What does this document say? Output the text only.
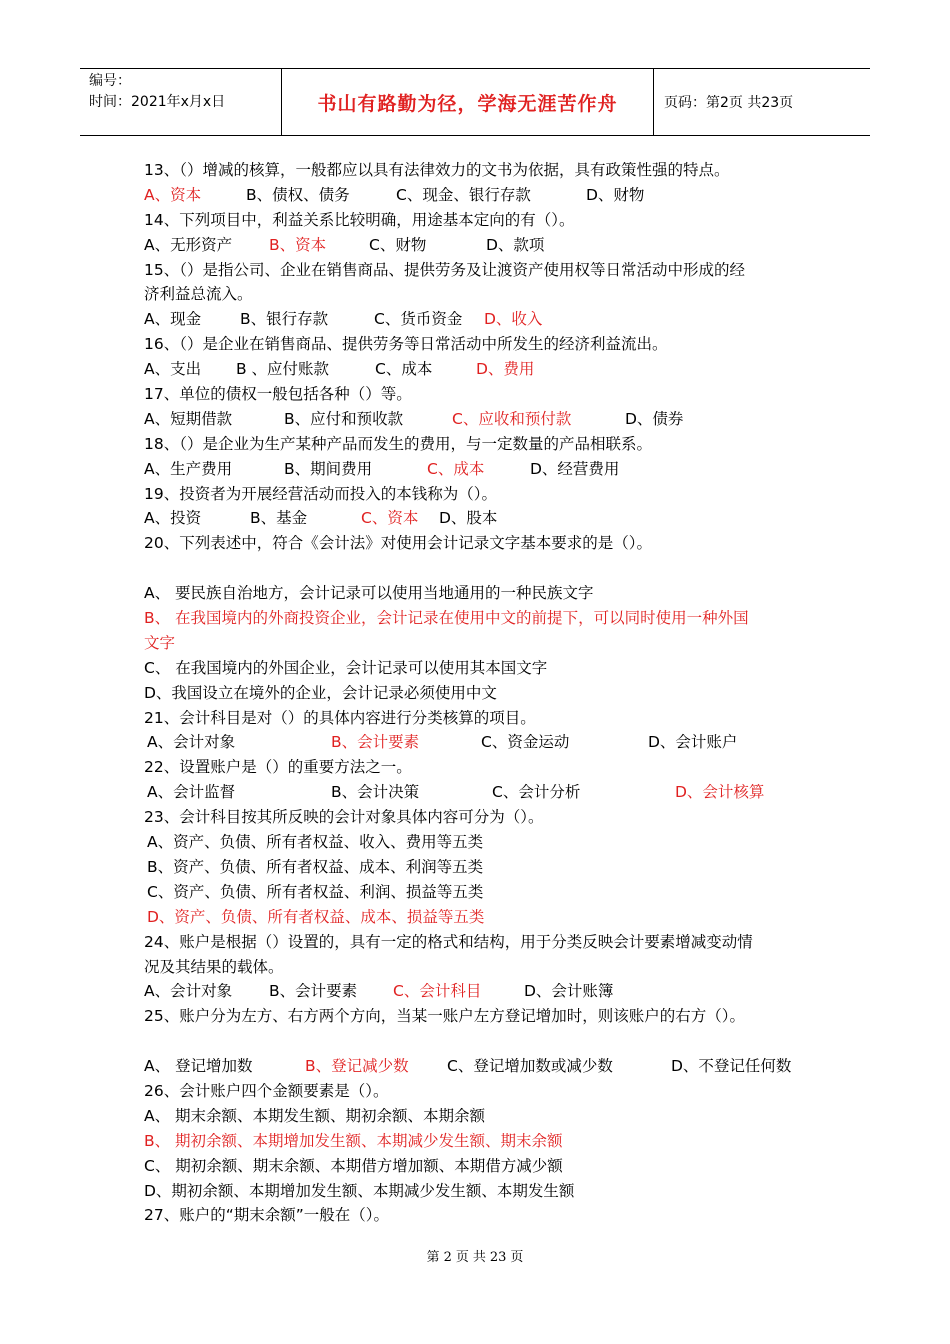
编号：
时间：2021年x月x日	书山有路勤为径，学海无涯苦作舟	页码：第2页 共23页
13、（）增减的核算，一般都应以具有法律效力的文书为依据，具有政策性强的特点。
A、资本	B、债权、债务	C、现金、银行存款	D、财物
14、下列项目中，利益关系比较明确，用途基本定向的有（）。
A、无形资产 B、资本	C、财物	D、款项
15、（）是指公司、企业在销售商品、提供劳务及让渡资产使用权等日常活动中形成的经
济利益总流入。
A、现金	B、银行存款	C、货币资金 D、收入
16、（）是企业在销售商品、提供劳务等日常活动中所发生的经济利益流出。
A、支出 B 、应付账款	C、成本	D、费用
17、单位的债权一般包括各种（）等。
A、短期借款	B、应付和预收款	C、应收和预付款	D、债券
18、（）是企业为生产某种产品而发生的费用，与一定数量的产品相联系。
A、生产费用	B、期间费用	C、成本	D、经营费用
19、投资者为开展经营活动而投入的本钱称为（）。
A、投资	B、基金	C、资本 D、股本
20、下列表述中，符合《会计法》对使用会计记录文字基本要求的是（）。
A、 要民族自治地方，会计记录可以使用当地通用的一种民族文字
B、 在我国境内的外商投资企业，会计记录在使用中文的前提下，可以同时使用一种外国
文字
C、 在我国境内的外国企业，会计记录可以使用其本国文字
D、我国设立在境外的企业，会计记录必须使用中文
21、会计科目是对（）的具体内容进行分类核算的项目。
A、会计对象	B、会计要素	C、资金运动	D、会计账户
22、设置账户是（）的重要方法之一。
A、会计监督	B、会计决策	C、会计分析	D、会计核算
23、会计科目按其所反映的会计对象具体内容可分为（）。
A、资产、负债、所有者权益、收入、费用等五类
B、资产、负债、所有者权益、成本、利润等五类
C、资产、负债、所有者权益、利润、损益等五类
D、资产、负债、所有者权益、成本、损益等五类
24、账户是根据（）设置的，具有一定的格式和结构，用于分类反映会计要素增减变动情
况及其结果的载体。
A、会计对象 B、会计要素 C、会计科目	D、会计账簿
25、账户分为左方、右方两个方向，当某一账户左方登记增加时，则该账户的右方（）。
A、 登记增加数	B、登记减少数 C、登记增加数或减少数	D、不登记任何数
26、会计账户四个金额要素是（）。
A、 期末余额、本期发生额、期初余额、本期余额
B、 期初余额、本期增加发生额、本期减少发生额、期末余额
C、 期初余额、期末余额、本期借方增加额、本期借方减少额
D、期初余额、本期增加发生额、本期减少发生额、本期发生额
27、账户的“期末余额”一般在（）。
第 2 页 共 23 页
